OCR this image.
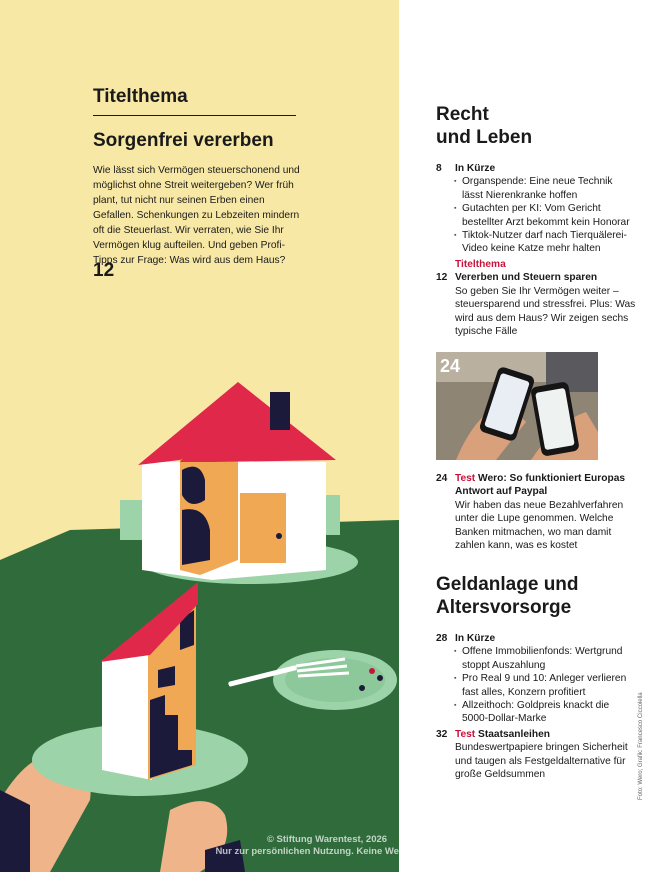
Titelthema
Sorgenfrei vererben
Wie lässt sich Vermögen steuerschonend und möglichst ohne Streit weitergeben? Wer früh plant, tut nicht nur seinen Erben einen Gefallen. Schenkungen zu Lebzeiten mindern oft die Steuerlast. Wir verraten, wie Sie Ihr Vermögen klug aufteilen. Und geben Profi-Tipps zur Frage: Was wird aus dem Haus?
12
Recht
und Leben
8 In Kürze
▪ Organspende: Eine neue Technik lässt Nierenkranke hoffen
▪ Gutachten per KI: Vom Gericht bestellter Arzt bekommt kein Honorar
▪ Tiktok-Nutzer darf nach Tierquälerei-Video keine Katze mehr halten
Titelthema
12 Vererben und Steuern sparen
So geben Sie Ihr Vermögen weiter – steuersparend und stressfrei. Plus: Was wird aus dem Haus? Wir zeigen sechs typische Fälle
24
24 Test Wero: So funktioniert Europas Antwort auf Paypal
Wir haben das neue Bezahlverfahren unter die Lupe genommen. Welche Banken mitmachen, wo man damit zahlen kann, was es kostet
Geldanlage und
Altersvorsorge
28 In Kürze
▪ Offene Immobilienfonds: Wertgrund stoppt Auszahlung
▪ Pro Real 9 und 10: Anleger verlieren fast alles, Konzern profitiert
▪ Allzeithoch: Goldpreis knackt die 5000-Dollar-Marke
32 Test Staatsanleihen
Bundeswertpapiere bringen Sicherheit und taugen als Festgeldalternative für große Geldsummen	Foto: Wero; Grafik: Francesco Ciccolella
© Stiftung Warentest, 2026
Nur zur persönlichen Nutzung. Keine Weitergabe.
